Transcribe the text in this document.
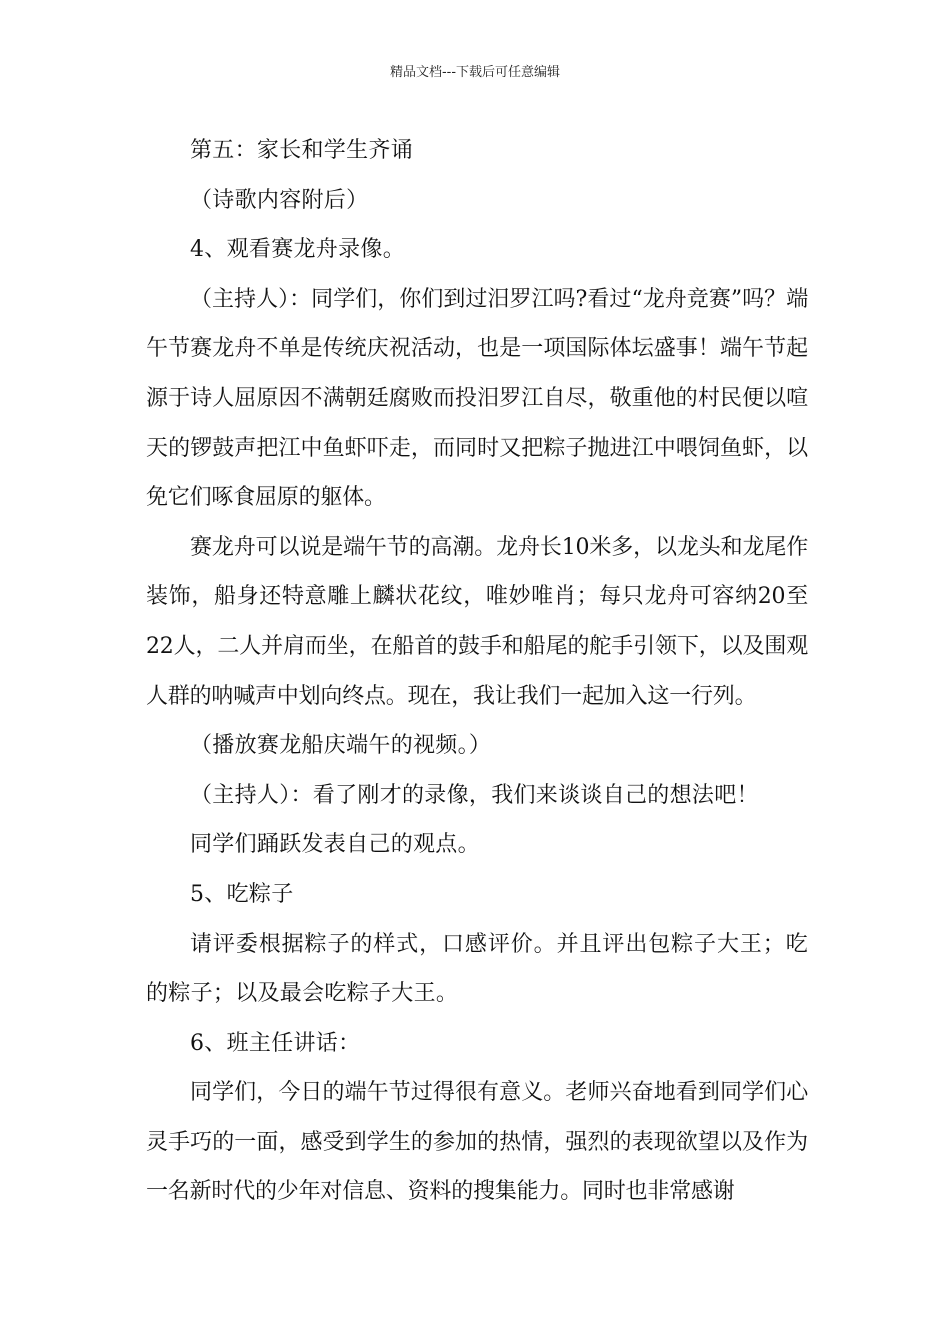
精品文档---下载后可任意编辑

第五：家长和学生齐诵

（诗歌内容附后）

4、观看赛龙舟录像。

（主持人）：同学们，你们到过汨罗江吗?看过“龙舟竞赛”吗？端午节赛龙舟不单是传统庆祝活动，也是一项国际体坛盛事！端午节起源于诗人屈原因不满朝廷腐败而投汨罗江自尽，敬重他的村民便以喧天的锣鼓声把江中鱼虾吓走，而同时又把粽子抛进江中喂饲鱼虾，以免它们啄食屈原的躯体。

赛龙舟可以说是端午节的高潮。龙舟长10米多，以龙头和龙尾作装饰，船身还特意雕上麟状花纹，唯妙唯肖；每只龙舟可容纳20至22人，二人并肩而坐，在船首的鼓手和船尾的舵手引领下，以及围观人群的呐喊声中划向终点。现在，我让我们一起加入这一行列。

（播放赛龙船庆端午的视频。）

（主持人）：看了刚才的录像，我们来谈谈自己的想法吧！

同学们踊跃发表自己的观点。

5、吃粽子

请评委根据粽子的样式，口感评价。并且评出包粽子大王；吃的粽子；以及最会吃粽子大王。

6、班主任讲话：

同学们，今日的端午节过得很有意义。老师兴奋地看到同学们心灵手巧的一面，感受到学生的参加的热情，强烈的表现欲望以及作为一名新时代的少年对信息、资料的搜集能力。同时也非常感谢
